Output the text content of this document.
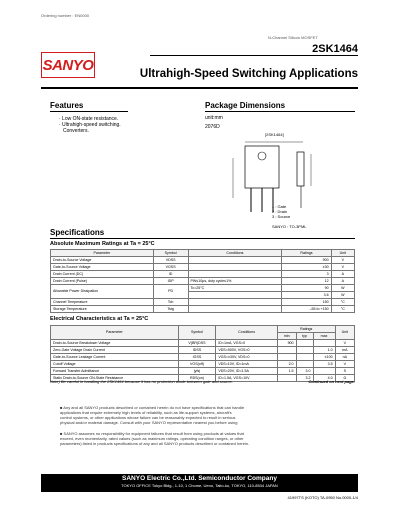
Ordering number : EN0000
N-Channel Silicon MOSFET
2SK1464
SANYO
Ultrahigh-Speed Switching Applications
Features
· Low ON-state resistance.
· Ultrahigh-speed switching.
Converters.
Package Dimensions
unit:mm
2076D
[2SK1464]
1 : Gate
2 : Drain
3 : Source
SANYO : TO-3PML
Specifications
Absolute Maximum Ratings at Ta = 25°C
Parameter	Symbol	Conditions	Ratings	Unit
Drain-to-Source Voltage	VDSS		900	V
Gate-to-Source Voltage	VGSS		±30	V
Drain Current (DC)	ID		3	A
Drain Current (Pulse)	IDP	PW≤10μs, duty cycle≤1%	12	A
Allowable Power Dissipation	PD	Tc=25°C	90	W
			3.6	W
Channel Temperature	Tch		150	°C
Storage Temperature	Tstg		–55 to +150	°C
Electrical Characteristics at Ta = 25°C
Parameter	Symbol	Conditions	Ratings			Unit
			min	typ	max	
Drain-to-Source Breakdown Voltage	V(BR)DSS	ID=1mA, VGS=0	900			V
Zero-Gate Voltage Drain Current	IDSS	VDS=900V, VGS=0			1.0	mA
Gate-to-Source Leakage Current	IGSS	VGS=±30V, VDS=0			±100	nA
Cutoff Voltage	VGS(off)	VDS=10V, ID=1mA	2.0		3.5	V
Forward Transfer Admittance	|yfs|	VDS=20V, ID=1.5A	1.5	3.0		S
Static Drain-to-Source ON-State Resistance	RDS(on)	ID=1.5A, VGS=10V		3.2	4.0	Ω
Note) Be careful in handling the 2SK1464 because it has no protection diode between gate and source.	Continued on next page.
■ Any and all SANYO products described or contained herein do not have specifications that can handle
applications that require extremely high levels of reliability, such as life-support systems, aircraft's
control systems, or other applications whose failure can be reasonably expected to result in serious
physical and/or material damage. Consult with your SANYO representative nearest you before using
■ SANYO assumes no responsibility for equipment failures that result from using products at values that
exceed, even momentarily, rated values (such as maximum ratings, operating condition ranges, or other
parameters) listed in products specifications of any and all SANYO products described or contained herein.
SANYO Electric Co.,Ltd. Semiconductor Company
TOKYO OFFICE Tokyo Bldg., 1-10, 1 Chome, Ueno, Taito-ku, TOKYO, 110-8534 JAPAN
41997TS (KOTO) TA-0950 No.0000-1/4
